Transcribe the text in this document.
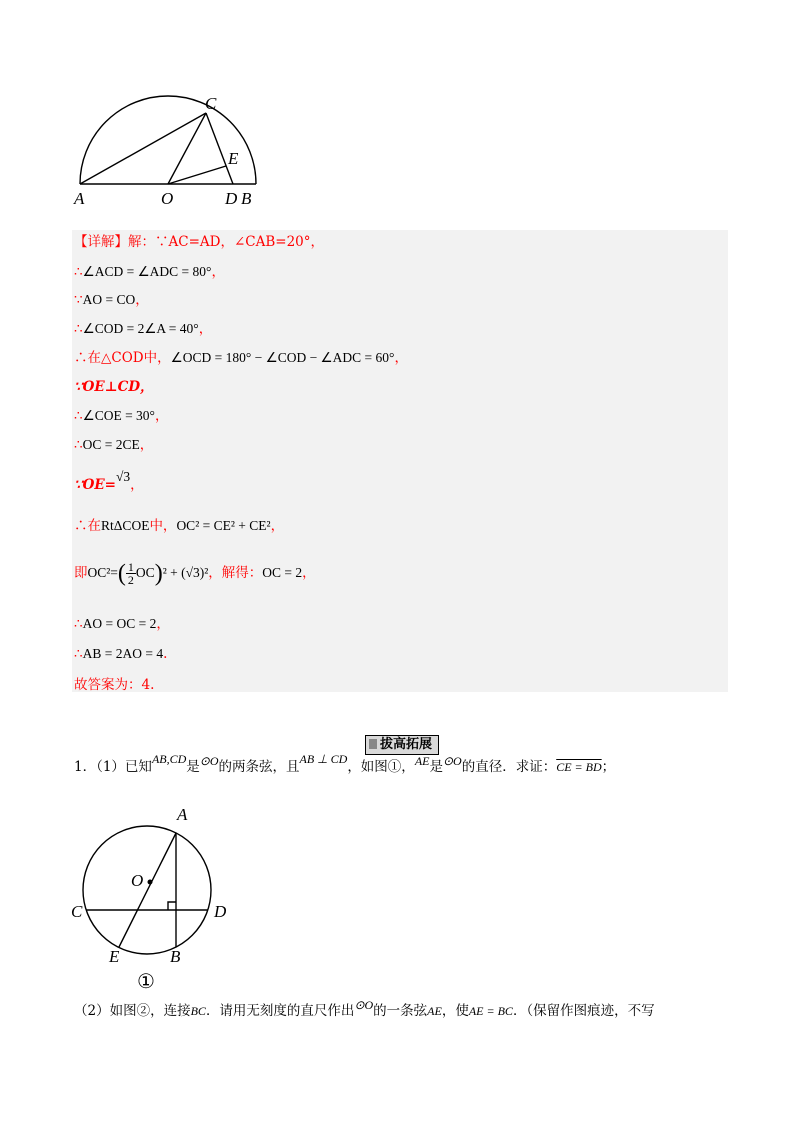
C
E
A	O	D B
【详解】解：∵AC=AD，∠CAB=20°，
∴∠ACD = ∠ADC = 80°，
∵AO = CO，
∴∠COD = 2∠A = 40°，
∴在△COD中，∠OCD = 180° − ∠COD − ∠ADC = 60°，
∵OE⊥CD，
∴∠COE = 30°，
∴OC = 2CE，
∵OE=√3，
∴在RtΔCOE中，OC² = CE² + CE²，
即$OC^2=( \frac{1}{2} OC)^2 + (√3)^2$，解得：OC = 2，
∴AO = OC = 2，
∴AB = 2AO = 4.
故答案为：4.
拔高拓展
1．（1）已知AB,CD是⊙O的两条弦，且AB ⊥ CD，如图①，AE是⊙O的直径．求证：CE = BD；
A
O
C	D
E	B
①
（2）如图②，连接BC．请用无刻度的直尺作出⊙O的一条弦AE，使AE = BC．（保留作图痕迹，不写
